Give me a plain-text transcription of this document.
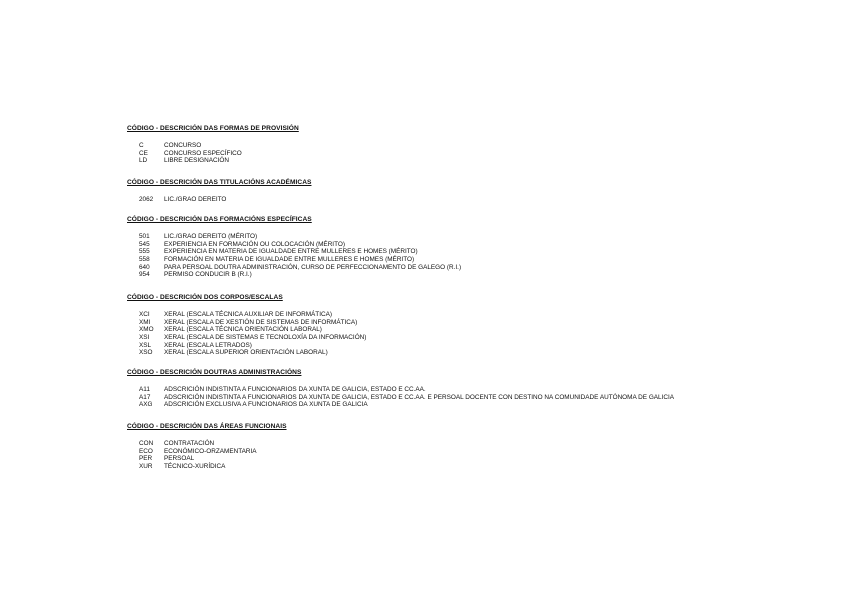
CÓDIGO - DESCRICIÓN DAS FORMAS DE PROVISIÓN
C	CONCURSO
CE	CONCURSO ESPECÍFICO
LD	LIBRE DESIGNACIÓN
CÓDIGO - DESCRICIÓN DAS TITULACIÓNS ACADÉMICAS
2062	LIC./GRAO DEREITO
CÓDIGO - DESCRICIÓN DAS FORMACIÓNS ESPECÍFICAS
501	LIC./GRAO DEREITO (MÉRITO)
545	EXPERIENCIA EN FORMACIÓN OU COLOCACIÓN (MÉRITO)
555	EXPERIENCIA EN MATERIA DE IGUALDADE ENTRE MULLERES E HOMES (MÉRITO)
558	FORMACIÓN EN MATERIA DE IGUALDADE ENTRE MULLERES E HOMES (MÉRITO)
640	PARA PERSOAL DOUTRA ADMINISTRACIÓN, CURSO DE PERFECCIONAMENTO DE GALEGO (R.I.)
954	PERMISO CONDUCIR B (R.I.)
CÓDIGO - DESCRICIÓN DOS CORPOS/ESCALAS
XCI	XERAL (ESCALA TÉCNICA AUXILIAR DE INFORMÁTICA)
XMI	XERAL (ESCALA DE XESTIÓN DE SISTEMAS DE INFORMÁTICA)
XMO	XERAL (ESCALA TÉCNICA ORIENTACIÓN LABORAL)
XSI	XERAL (ESCALA DE SISTEMAS E TECNOLOXÍA DA INFORMACIÓN)
XSL	XERAL (ESCALA LETRADOS)
XSO	XERAL (ESCALA SUPERIOR ORIENTACIÓN LABORAL)
CÓDIGO - DESCRICIÓN DOUTRAS ADMINISTRACIÓNS
A11	ADSCRICIÓN INDISTINTA A FUNCIONARIOS DA XUNTA DE GALICIA, ESTADO E CC.AA.
A17	ADSCRICIÓN INDISTINTA A FUNCIONARIOS DA XUNTA DE GALICIA, ESTADO E CC.AA. E PERSOAL DOCENTE CON DESTINO NA COMUNIDADE AUTÓNOMA DE GALICIA
AXG	ADSCRICIÓN EXCLUSIVA A FUNCIONARIOS DA XUNTA DE GALICIA
CÓDIGO - DESCRICIÓN DAS ÁREAS FUNCIONAIS
CON	CONTRATACIÓN
ECO	ECONÓMICO-ORZAMENTARIA
PER	PERSOAL
XUR	TÉCNICO-XURÍDICA
